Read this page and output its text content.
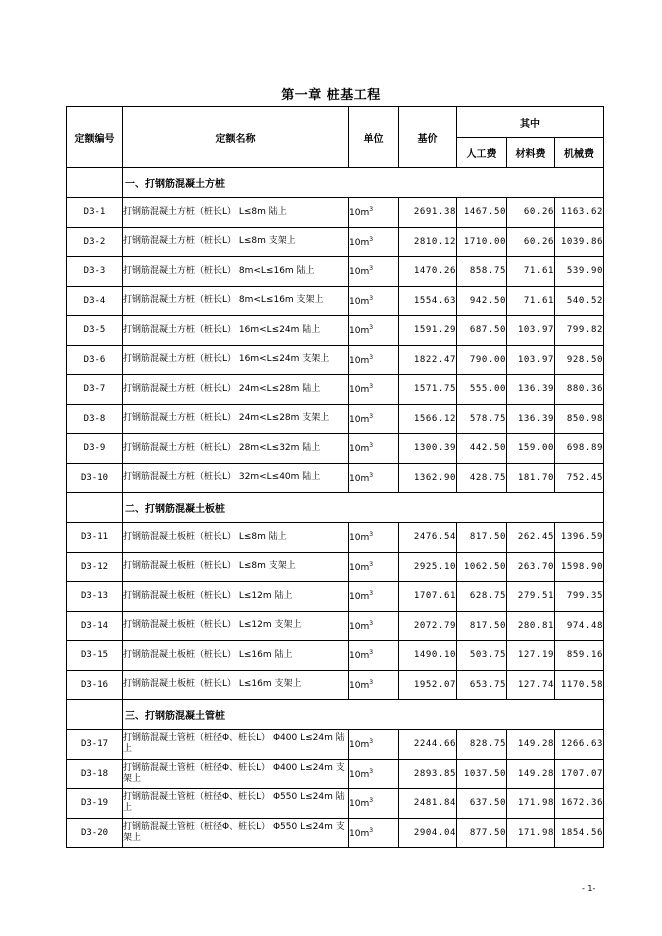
第一章 桩基工程
定额编号	定额名称	单位	基价	其中		
				人工费	材料费	机械费
	一、打钢筋混凝土方桩					
D3-1	打钢筋混凝土方桩（桩长L） L≤8m 陆上	$10m^3$	2691.38	1467.50	60.26	1163.62
D3-2	打钢筋混凝土方桩（桩长L） L≤8m 支架上	$10m^3$	2810.12	1710.00	60.26	1039.86
D3-3	打钢筋混凝土方桩（桩长L） 8m<L≤16m 陆上	$10m^3$	1470.26	858.75	71.61	539.90
D3-4	打钢筋混凝土方桩（桩长L） 8m<L≤16m 支架上	$10m^3$	1554.63	942.50	71.61	540.52
D3-5	打钢筋混凝土方桩（桩长L） 16m<L≤24m 陆上	$10m^3$	1591.29	687.50	103.97	799.82
D3-6	打钢筋混凝土方桩（桩长L） 16m<L≤24m 支架上	$10m^3$	1822.47	790.00	103.97	928.50
D3-7	打钢筋混凝土方桩（桩长L） 24m<L≤28m 陆上	$10m^3$	1571.75	555.00	136.39	880.36
D3-8	打钢筋混凝土方桩（桩长L） 24m<L≤28m 支架上	$10m^3$	1566.12	578.75	136.39	850.98
D3-9	打钢筋混凝土方桩（桩长L） 28m<L≤32m 陆上	$10m^3$	1300.39	442.50	159.00	698.89
D3-10	打钢筋混凝土方桩（桩长L） 32m<L≤40m 陆上	$10m^3$	1362.90	428.75	181.70	752.45
	二、打钢筋混凝土板桩					
D3-11	打钢筋混凝土板桩（桩长L） L≤8m 陆上	$10m^3$	2476.54	817.50	262.45	1396.59
D3-12	打钢筋混凝土板桩（桩长L） L≤8m 支架上	$10m^3$	2925.10	1062.50	263.70	1598.90
D3-13	打钢筋混凝土板桩（桩长L） L≤12m 陆上	$10m^3$	1707.61	628.75	279.51	799.35
D3-14	打钢筋混凝土板桩（桩长L） L≤12m 支架上	$10m^3$	2072.79	817.50	280.81	974.48
D3-15	打钢筋混凝土板桩（桩长L） L≤16m 陆上	$10m^3$	1490.10	503.75	127.19	859.16
D3-16	打钢筋混凝土板桩（桩长L） L≤16m 支架上	$10m^3$	1952.07	653.75	127.74	1170.58
	三、打钢筋混凝土管桩					
D3-17	打钢筋混凝土管桩（桩径Φ、桩长L） Φ400 L≤24m 陆上	$10m^3$	2244.66	828.75	149.28	1266.63
D3-18	打钢筋混凝土管桩（桩径Φ、桩长L） Φ400 L≤24m 支架上	$10m^3$	2893.85	1037.50	149.28	1707.07
D3-19	打钢筋混凝土管桩（桩径Φ、桩长L） Φ550 L≤24m 陆上	$10m^3$	2481.84	637.50	171.98	1672.36
D3-20	打钢筋混凝土管桩（桩径Φ、桩长L） Φ550 L≤24m 支架上	$10m^3$	2904.04	877.50	171.98	1854.56
- 1-
